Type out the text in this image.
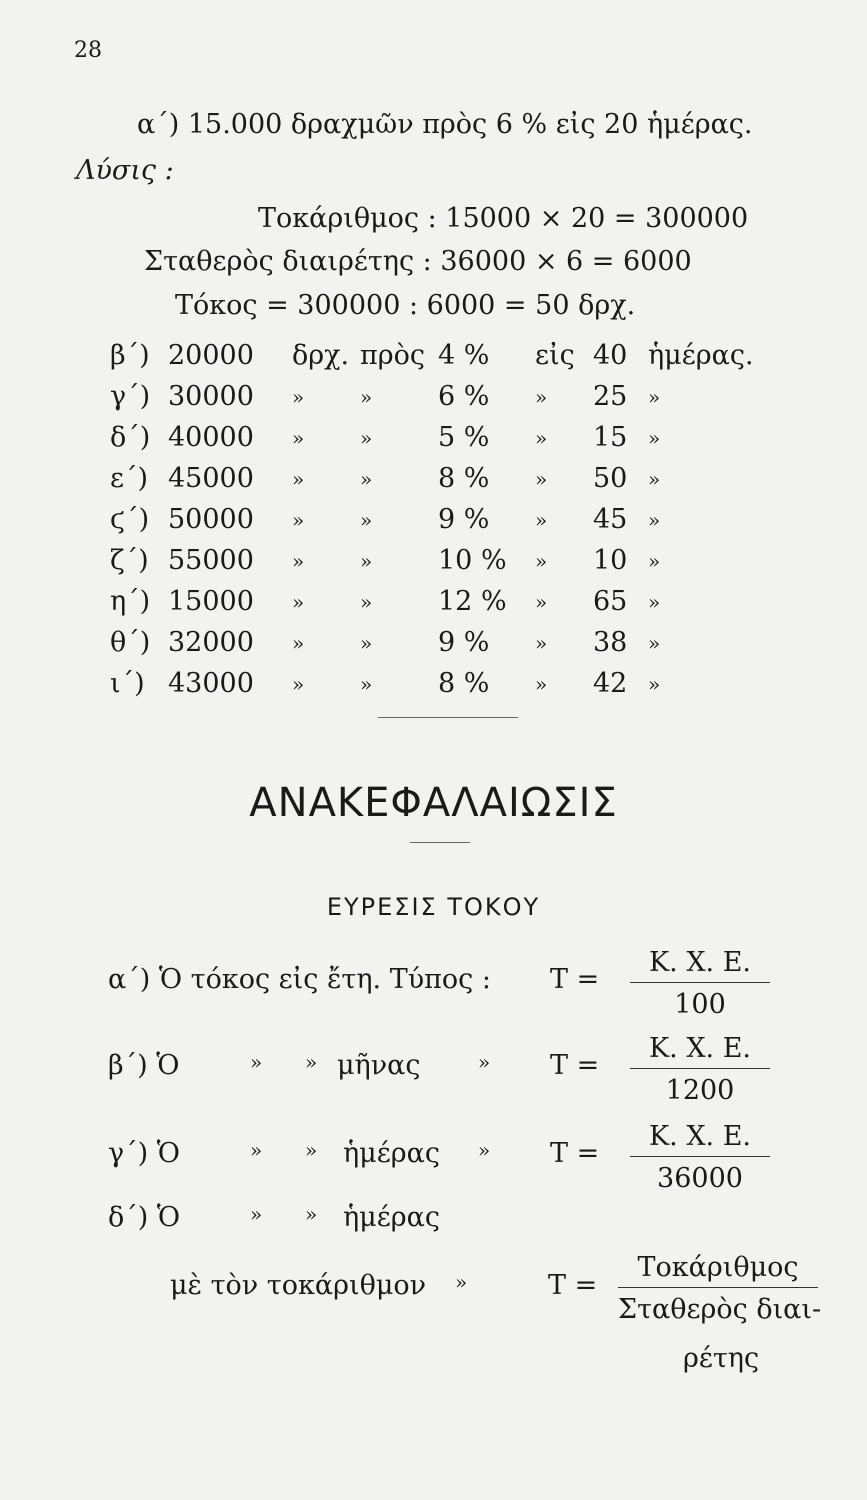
28
α΄) 15.000 δραχμῶν πρὸς 6 % εἰς 20 ἡμέρας.
Λύσις :
Τοκάριθμος : 15000 × 20 = 300000
Σταθερὸς διαιρέτης : 36000 × 6 = 6000
Τόκος = 300000 : 6000 = 50 δρχ.
β΄) 20000 δρχ. πρὸς 4 % εἰς 40 ἡμέρας.
γ΄) 30000 »	» 6 % » 25 »
δ΄) 40000 »	» 5 % » 15 »
ε΄) 45000 »	» 8 % » 50 »
ϛ΄) 50000 »	» 9 % » 45 »
ζ΄) 55000 »	» 10 % » 10 »
η΄) 15000 »	» 12 % » 65 »
θ΄) 32000 »	» 9 % » 38 »
ι΄) 43000 »	» 8 % » 42 »
ΑΝΑΚΕΦΑΛΑΙΩΣΙΣ
ΕΥΡΕΣΙΣ ΤΟΚΟΥ
α΄) Ὁ τόκος εἰς ἔτη. Τύπος : $T = \frac{K. X. E.}{100}$
β΄) Ὁ	» » μῆνας	» $T = \frac{K. X. E.}{1200}$
γ΄) Ὁ	» » ἡμέρας » $T = \frac{K. X. E.}{36000}$
δ΄) Ὁ	» » ἡμέρας
μὲ τὸν τοκάριθμον »	Τ =
Τοκάριθμος
Σταθερὸς διαι-
ρέτης
